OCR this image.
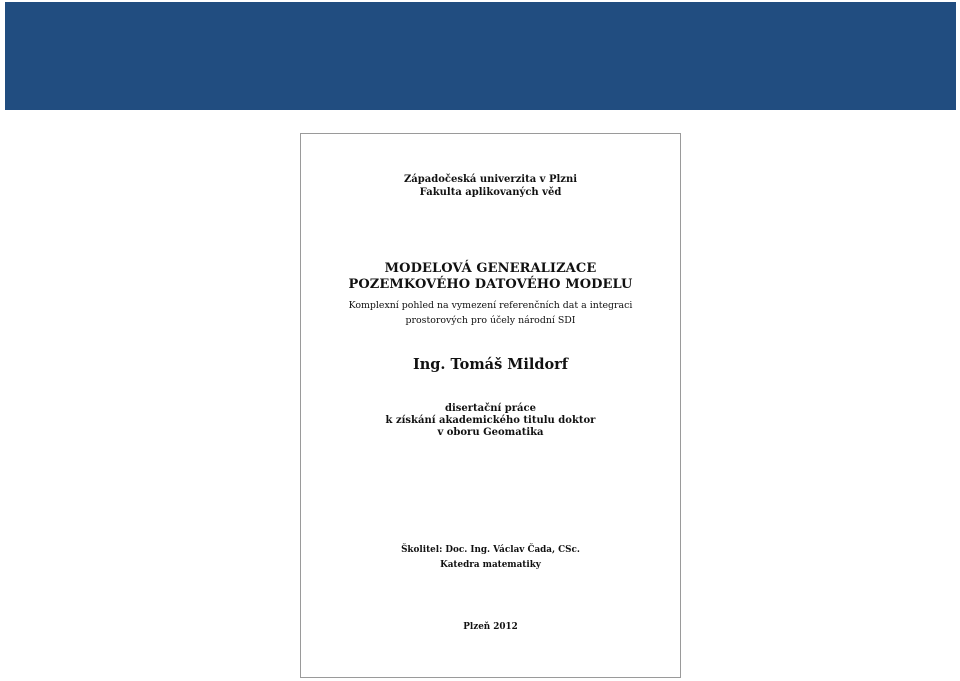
Západočeská univerzita v Plzni
Fakulta aplikovaných věd
MODELOVÁ GENERALIZACE
POZEMKOVÉHO DATOVÉHO MODELU
Komplexní pohled na vymezení referenčních dat a integraci
prostorových pro účely národní SDI
Ing. Tomáš Mildorf
disertační práce
k získání akademického titulu doktor
v oboru Geomatika
Školitel: Doc. Ing. Václav Čada, CSc.
Katedra matematiky
Plzeň 2012
